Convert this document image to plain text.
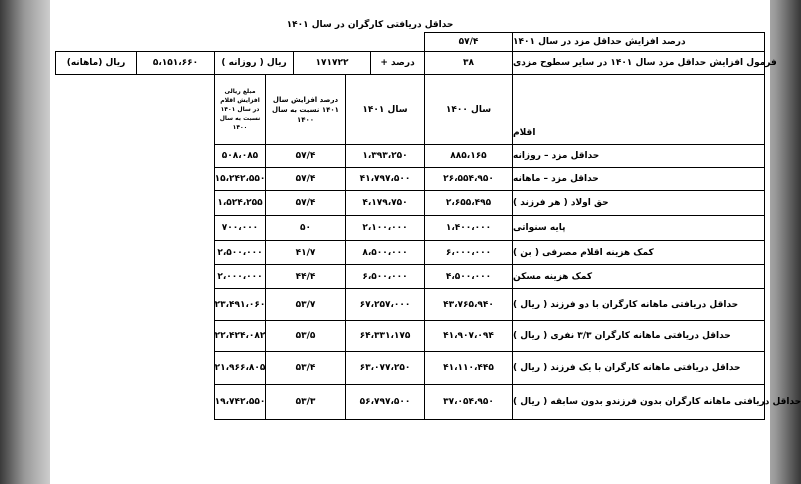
حداقل دریافتی کارگران در سال ۱۴۰۱
درصد افزایش حداقل مزد در سال ۱۴۰۱
۵۷/۴
فرمول افزایش حداقل مزد سال ۱۴۰۱ در سایر سطوح مزدی
۳۸
درصد +
۱۷۱۷۲۲
ریال ( روزانه )
۵،۱۵۱،۶۶۰
ریال (ماهانه)
اقلام
سال ۱۴۰۰
سال ۱۴۰۱
درصد افزایش سال ۱۴۰۱ نسبت به سال ۱۴۰۰
مبلغ ریالی افزایش اقلام در سال ۱۴۰۱ نسبت به سال ۱۴۰۰
حداقل مزد – روزانه
۸۸۵،۱۶۵
۱،۳۹۳،۲۵۰
۵۷/۴
۵۰۸،۰۸۵
حداقل مزد – ماهانه
۲۶،۵۵۴،۹۵۰
۴۱،۷۹۷،۵۰۰
۵۷/۴
۱۵،۲۴۲،۵۵۰
حق اولاد ( هر فرزند )
۲،۶۵۵،۴۹۵
۴،۱۷۹،۷۵۰
۵۷/۴
۱،۵۲۴،۲۵۵
پایه سنواتی
۱،۴۰۰،۰۰۰
۲،۱۰۰،۰۰۰
۵۰
۷۰۰،۰۰۰
کمک هزینه اقلام مصرفی ( بن )
۶،۰۰۰،۰۰۰
۸،۵۰۰،۰۰۰
۴۱/۷
۲،۵۰۰،۰۰۰
کمک هزینه مسکن
۴،۵۰۰،۰۰۰
۶،۵۰۰،۰۰۰
۴۴/۴
۲،۰۰۰،۰۰۰
حداقل دریافتی ماهانه کارگران با دو فرزند ( ریال )
۴۳،۷۶۵،۹۴۰
۶۷،۲۵۷،۰۰۰
۵۳/۷
۲۳،۴۹۱،۰۶۰
حداقل دریافتی ماهانه کارگران ۳/۳ نفری ( ریال )
۴۱،۹۰۷،۰۹۴
۶۴،۳۳۱،۱۷۵
۵۳/۵
۲۲،۴۲۴،۰۸۲
حداقل دریافتی ماهانه کارگران با یک فرزند ( ریال )
۴۱،۱۱۰،۴۴۵
۶۳،۰۷۷،۲۵۰
۵۳/۴
۲۱،۹۶۶،۸۰۵
حداقل دریافتی ماهانه کارگران بدون فرزندو بدون سابقه ( ریال )
۳۷،۰۵۴،۹۵۰
۵۶،۷۹۷،۵۰۰
۵۳/۳
۱۹،۷۴۲،۵۵۰
